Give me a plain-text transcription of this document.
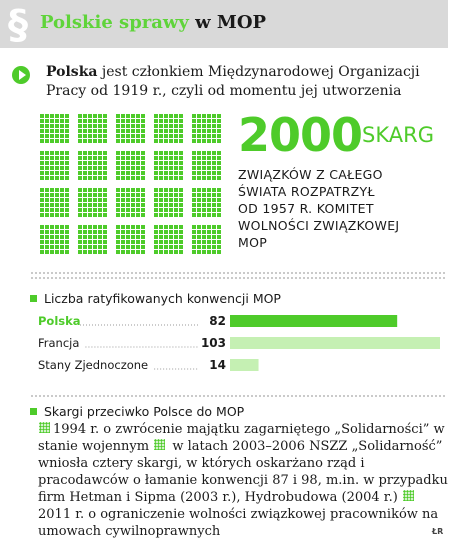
§ Polskie sprawy w MOP
Polska jest członkiem Międzynarodowej Organizacji Pracy od 1919 r., czyli od momentu jej utworzenia
2000 SKARG
ZWIĄZKÓW Z CAŁEGO
ŚWIATA ROZPATRZYŁ
OD 1957 R. KOMITET
WOLNOŚCI ZWIĄZKOWEJ
MOP
Liczba ratyfikowanych konwencji MOP
Polska	82
Francja	103
Stany Zjednoczone	14
Skargi przeciwko Polsce do MOP
1994 r. o zwrócenie majątku zagarniętego „Solidarności” w stanie wojennym  w latach 2003–2006 NSZZ „Solidarność” wniosła cztery skargi, w których oskarżano rząd i pracodawców o łamanie konwencji 87 i 98, m.in. w przypadku firm Hetman i Sipma (2003 r.), Hydrobudowa (2004 r.)  2011 r. o ograniczenie wolności związkowej pracowników na umowach cywilnoprawnych	ŁR
